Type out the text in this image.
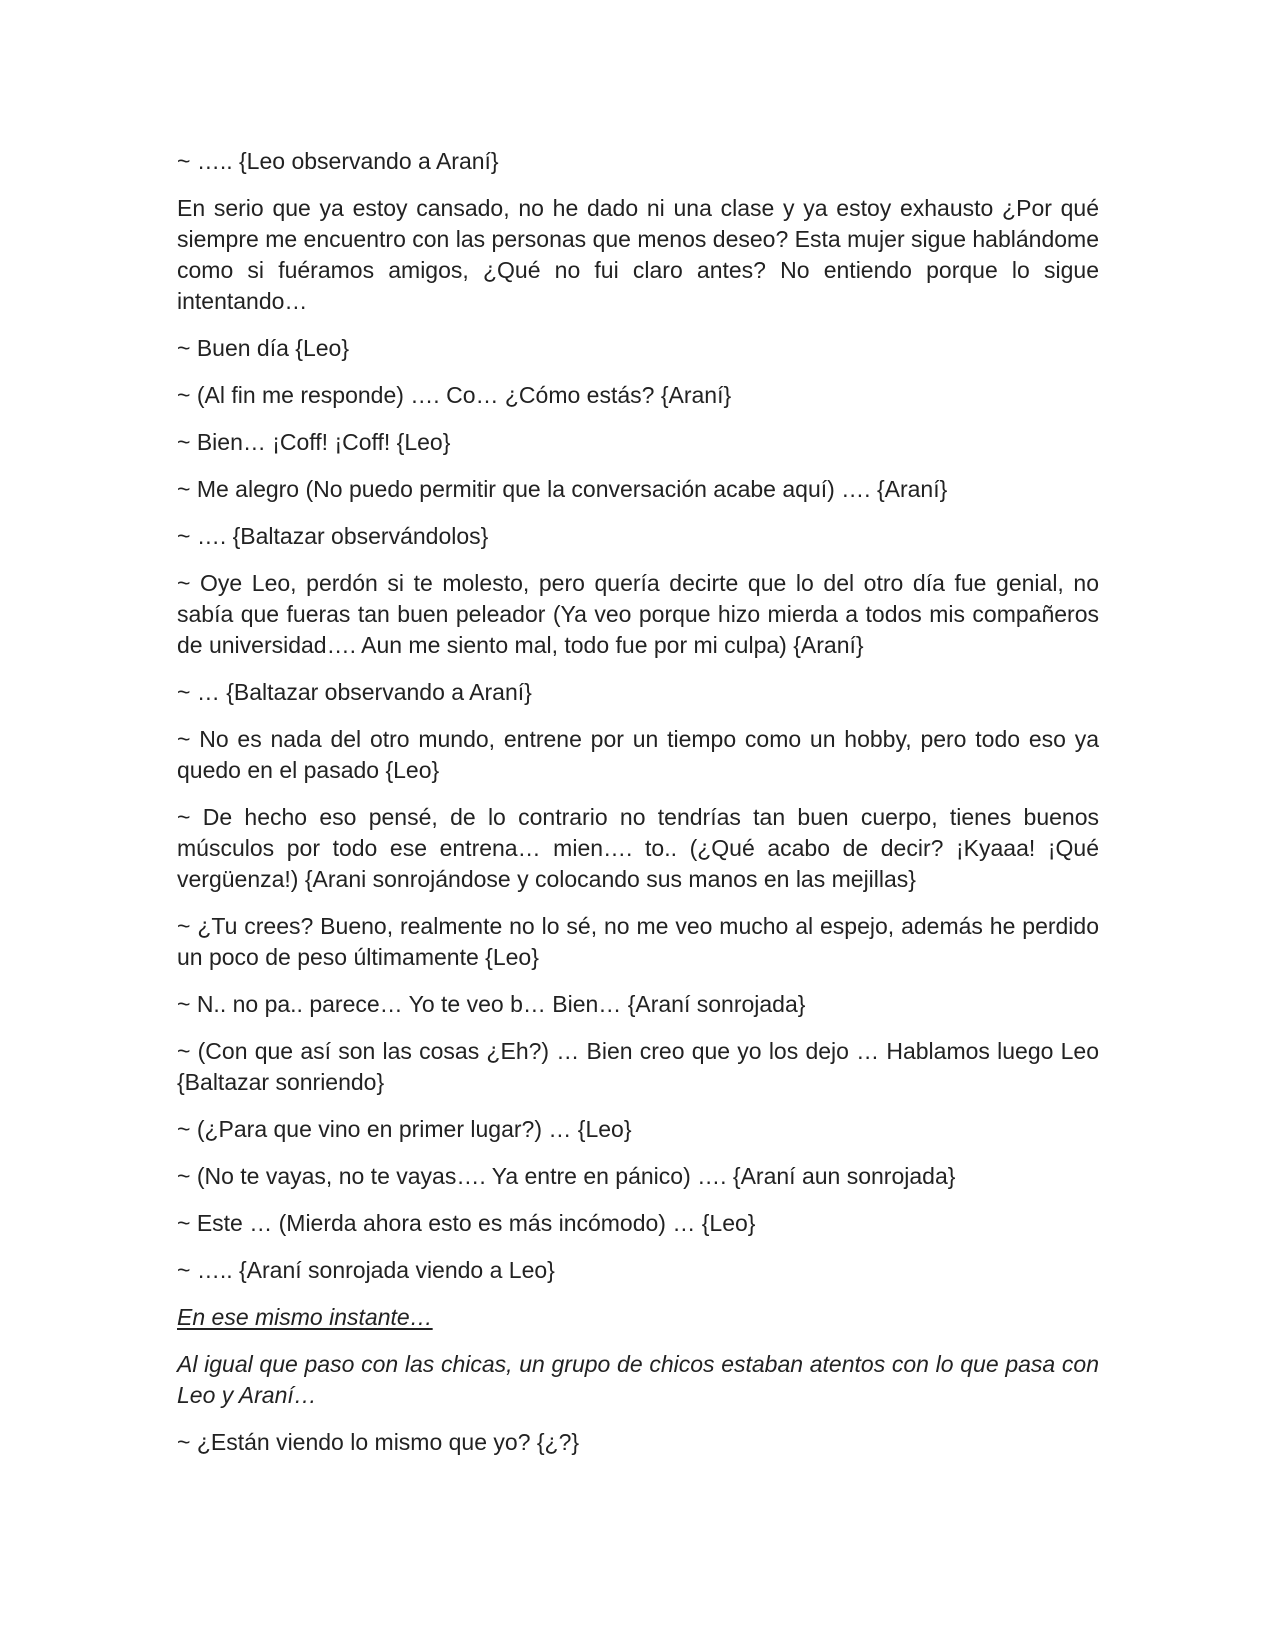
~ ….. {Leo observando a Araní}

En serio que ya estoy cansado, no he dado ni una clase y ya estoy exhausto ¿Por qué siempre me encuentro con las personas que menos deseo? Esta mujer sigue hablándome como si fuéramos amigos, ¿Qué no fui claro antes? No entiendo porque lo sigue intentando…

~ Buen día {Leo}

~ (Al fin me responde) …. Co… ¿Cómo estás? {Araní}

~ Bien… ¡Coff! ¡Coff! {Leo}

~ Me alegro (No puedo permitir que la conversación acabe aquí) …. {Araní}

~ …. {Baltazar observándolos}

~ Oye Leo, perdón si te molesto, pero quería decirte que lo del otro día fue genial, no sabía que fueras tan buen peleador (Ya veo porque hizo mierda a todos mis compañeros de universidad…. Aun me siento mal, todo fue por mi culpa) {Araní}

~ … {Baltazar observando a Araní}

~ No es nada del otro mundo, entrene por un tiempo como un hobby, pero todo eso ya quedo en el pasado {Leo}

~ De hecho eso pensé, de lo contrario no tendrías tan buen cuerpo, tienes buenos músculos por todo ese entrena… mien…. to.. (¿Qué acabo de decir? ¡Kyaaa! ¡Qué vergüenza!) {Arani sonrojándose y colocando sus manos en las mejillas}

~ ¿Tu crees? Bueno, realmente no lo sé, no me veo mucho al espejo, además he perdido un poco de peso últimamente {Leo}

~ N.. no pa.. parece… Yo te veo b… Bien… {Araní sonrojada}

~ (Con que así son las cosas ¿Eh?) … Bien creo que yo los dejo … Hablamos luego Leo {Baltazar sonriendo}

~ (¿Para que vino en primer lugar?) … {Leo}

~ (No te vayas, no te vayas…. Ya entre en pánico) …. {Araní aun sonrojada}

~ Este … (Mierda ahora esto es más incómodo) … {Leo}

~ ….. {Araní sonrojada viendo a Leo}

En ese mismo instante…

Al igual que paso con las chicas, un grupo de chicos estaban atentos con lo que pasa con Leo y Araní…

~ ¿Están viendo lo mismo que yo? {¿?}
